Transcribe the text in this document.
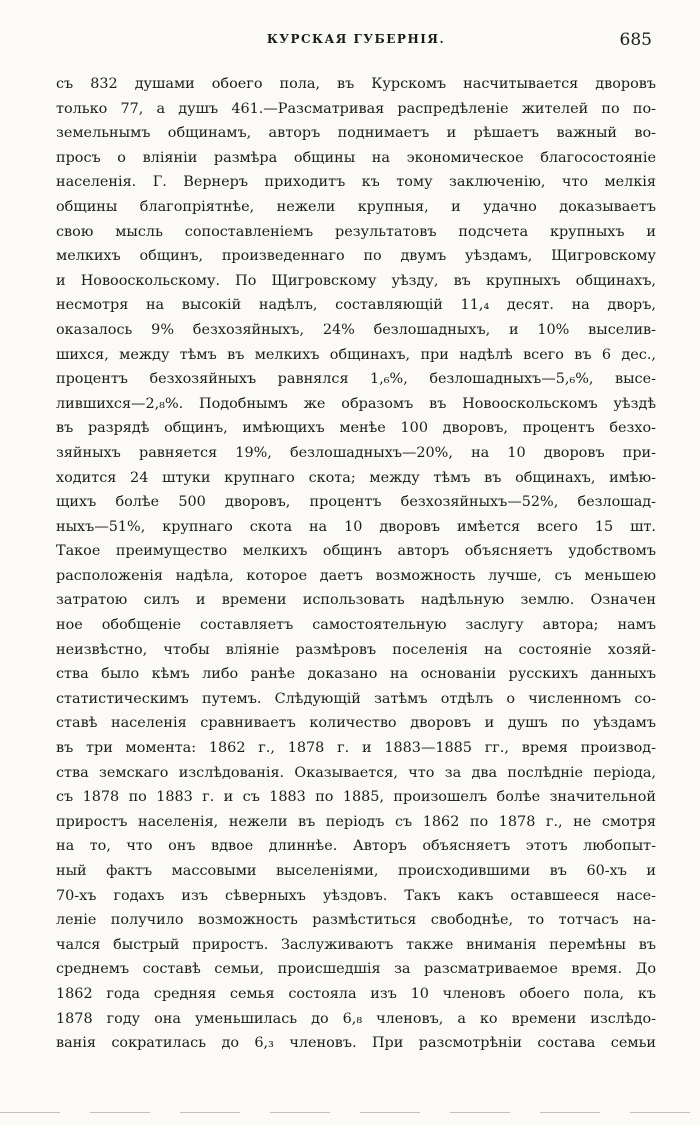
КУРСКАЯ ГУБЕРНІЯ.	685
съ 832 душами обоего пола, въ Курскомъ насчитывается дворовъ
только 77, а душъ 461.—Разсматривая распредѣленіе жителей по по-
земельнымъ общинамъ, авторъ поднимаетъ и рѣшаетъ важный во-
просъ о вліяніи размѣра общины на экономическое благосостояніе
населенія. Г. Вернеръ приходитъ къ тому заключенію, что мелкія
общины благопріятнѣе, нежели крупныя, и удачно доказываетъ
свою мысль сопоставленіемъ результатовъ подсчета крупныхъ и
мелкихъ общинъ, произведеннаго по двумъ уѣздамъ, Щигровскому
и Новооскольскому. По Щигровскому уѣзду, въ крупныхъ общинахъ,
несмотря на высокій надѣлъ, составляющій 11,₄ десят. на дворъ,
оказалось 9% безхозяйныхъ, 24% безлошадныхъ, и 10% выселив-
шихся, между тѣмъ въ мелкихъ общинахъ, при надѣлѣ всего въ 6 дес.,
процентъ безхозяйныхъ равнялся 1,₆%, безлошадныхъ—5,₆%, высе-
лившихся—2,₈%. Подобнымъ же образомъ въ Новооскольскомъ уѣздѣ
въ разрядѣ общинъ, имѣющихъ менѣе 100 дворовъ, процентъ безхо-
зяйныхъ равняется 19%, безлошадныхъ—20%, на 10 дворовъ при-
ходится 24 штуки крупнаго скота; между тѣмъ въ общинахъ, имѣю-
щихъ болѣе 500 дворовъ, процентъ безхозяйныхъ—52%, безлошад-
ныхъ—51%, крупнаго скота на 10 дворовъ имѣется всего 15 шт.
Такое преимущество мелкихъ общинъ авторъ объясняетъ удобствомъ
расположенія надѣла, которое даетъ возможность лучше, съ меньшею
затратою силъ и времени использовать надѣльную землю. Означен
ное обобщеніе составляетъ самостоятельную заслугу автора; намъ
неизвѣстно, чтобы вліяніе размѣровъ поселенія на состояніе хозяй-
ства было кѣмъ либо ранѣе доказано на основаніи русскихъ данныхъ
статистическимъ путемъ. Слѣдующій затѣмъ отдѣлъ о численномъ со-
ставѣ населенія сравниваетъ количество дворовъ и душъ по уѣздамъ
въ три момента: 1862 г., 1878 г. и 1883—1885 гг., время производ-
ства земскаго изслѣдованія. Оказывается, что за два послѣдніе періода,
съ 1878 по 1883 г. и съ 1883 по 1885, произошелъ болѣе значительной
приростъ населенія, нежели въ періодъ съ 1862 по 1878 г., не смотря
на то, что онъ вдвое длиннѣе. Авторъ объясняетъ этотъ любопыт-
ный фактъ массовыми выселеніями, происходившими въ 60-хъ и
70-хъ годахъ изъ сѣверныхъ уѣздовъ. Такъ какъ оставшееся насе-
леніе получило возможность размѣститься свободнѣе, то тотчасъ на-
чался быстрый приростъ. Заслуживаютъ также вниманія перемѣны въ
среднемъ составѣ семьи, происшедшія за разсматриваемое время. До
1862 года средняя семья состояла изъ 10 членовъ обоего пола, къ
1878 году она уменьшилась до 6,₈ членовъ, а ко времени изслѣдо-
ванія сократилась до 6,₃ членовъ. При разсмотрѣніи состава семьи
